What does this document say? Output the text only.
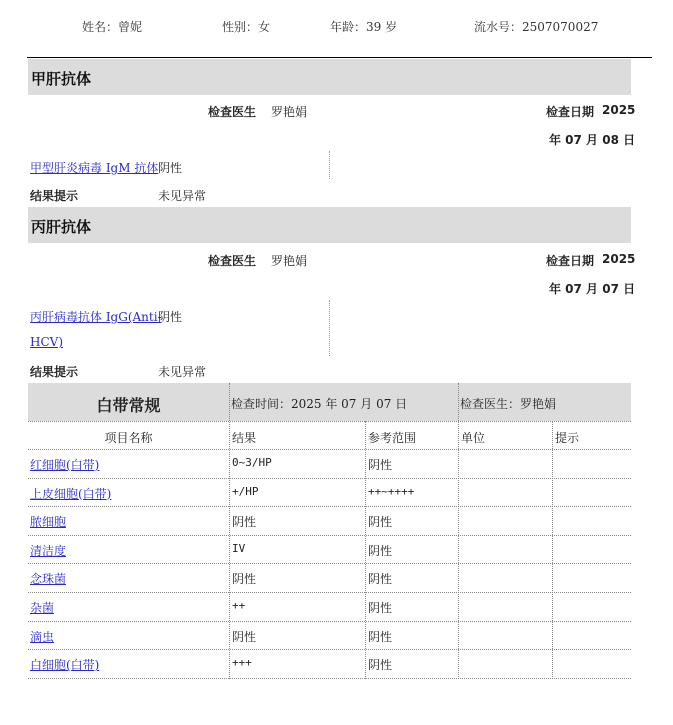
姓名：曾妮	性别：女	年龄：39 岁	流水号：2507070027
甲肝抗体
检查医生 罗艳娟	检查日期 2025
年 07 月 08 日
甲型肝炎病毒 IgM 抗体 阴性
结果提示	未见异常
丙肝抗体
检查医生 罗艳娟	检查日期 2025
年 07 月 07 日
丙肝病毒抗体 IgG(Anti-
HCV)
阴性
结果提示	未见异常
白带常规	检查时间：2025 年 07 月 07 日	检查医生：罗艳娟
项目名称	结果	参考范围	单位	提示
红细胞(白带)	0~3/HP	阴性
上皮细胞(白带)	+/HP	++~++++
脓细胞	阴性	阴性
清洁度	IV	阴性
念珠菌	阴性	阴性
杂菌	++	阴性
滴虫	阴性	阴性
白细胞(白带)	+++	阴性
